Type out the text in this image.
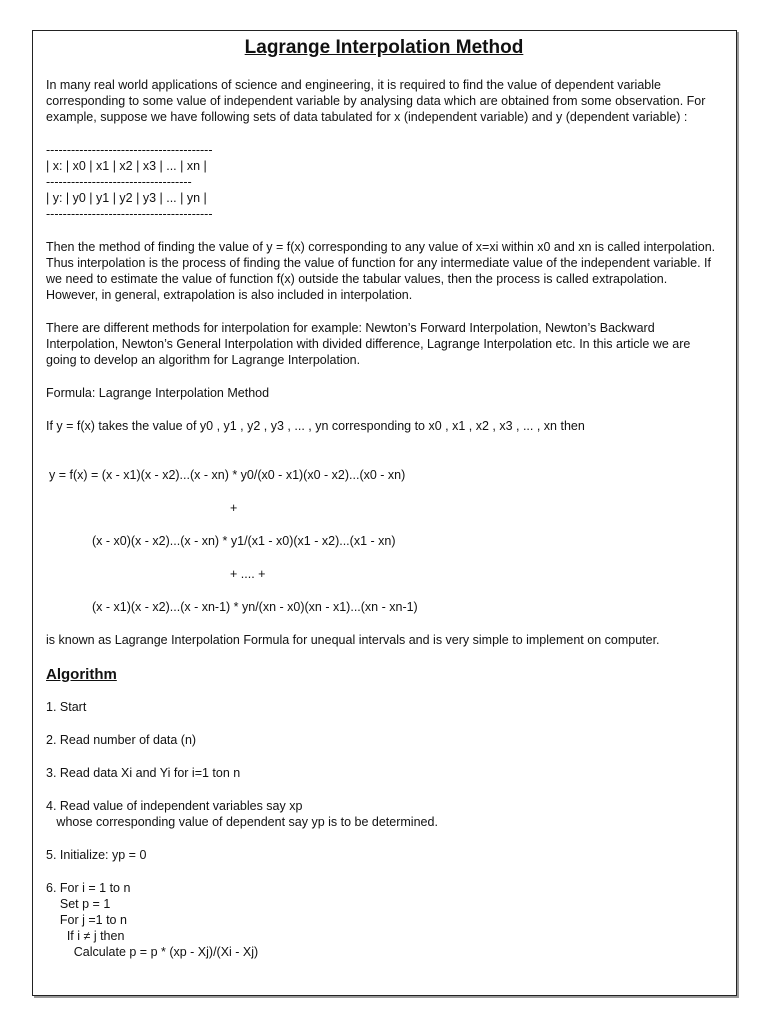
Lagrange Interpolation Method

In many real world applications of science and engineering, it is required to find the value of dependent variable corresponding to some value of independent variable by analysing data which are obtained from some observation. For example, suppose we have following sets of data tabulated for x (independent variable) and y (dependent variable) :

----------------------------------------
| x: | x0 | x1 | x2 | x3 | ... | xn |
-----------------------------------
| y: | y0 | y1 | y2 | y3 | ... | yn |
----------------------------------------

Then the method of finding the value of y = f(x) corresponding to any value of x=xi within x0 and xn is called interpolation. Thus interpolation is the process of finding the value of function for any intermediate value of the independent variable. If we need to estimate the value of function f(x) outside the tabular values, then the process is called extrapolation. However, in general, extrapolation is also included in interpolation.

There are different methods for interpolation for example: Newton’s Forward Interpolation, Newton’s Backward Interpolation, Newton’s General Interpolation with divided difference, Lagrange Interpolation etc. In this article we are going to develop an algorithm for Lagrange Interpolation.

Formula: Lagrange Interpolation Method

If y = f(x) takes the value of y0 , y1 , y2 , y3 , ... , yn corresponding to x0 , x1 , x2 , x3 , ... , xn then

y = f(x) = (x - x1)(x - x2)...(x - xn) * y0/(x0 - x1)(x0 - x2)...(x0 - xn)
+
(x - x0)(x - x2)...(x - xn) * y1/(x1 - x0)(x1 - x2)...(x1 - xn)
+ .... +
(x - x1)(x - x2)...(x - xn-1) * yn/(xn - x0)(xn - x1)...(xn - xn-1)

is known as Lagrange Interpolation Formula for unequal intervals and is very simple to implement on computer.

Algorithm
1. Start
2. Read number of data (n)
3. Read data Xi and Yi for i=1 ton n
4. Read value of independent variables say xp
whose corresponding value of dependent say yp is to be determined.
5. Initialize: yp = 0
6. For i = 1 to n
Set p = 1
For j =1 to n
If i ≠ j then
Calculate p = p * (xp - Xj)/(Xi - Xj)
